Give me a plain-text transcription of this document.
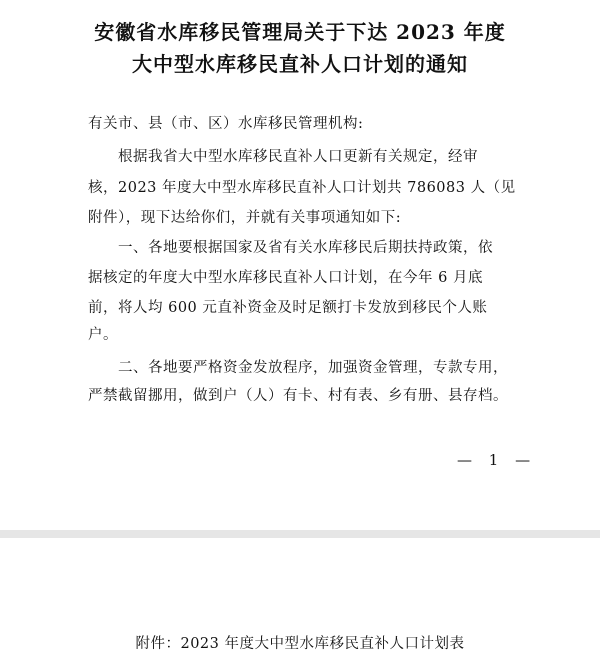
安徽省水库移民管理局关于下达 2023 年度
大中型水库移民直补人口计划的通知
有关市、县（市、区）水库移民管理机构:
根据我省大中型水库移民直补人口更新有关规定，经审
核，2023 年度大中型水库移民直补人口计划共 786083 人（见
附件），现下达给你们，并就有关事项通知如下:
一、各地要根据国家及省有关水库移民后期扶持政策，依
据核定的年度大中型水库移民直补人口计划，在今年 6 月底
前，将人均 600 元直补资金及时足额打卡发放到移民个人账
户。
二、各地要严格资金发放程序，加强资金管理，专款专用，
严禁截留挪用，做到户（人）有卡、村有表、乡有册、县存档。
— 1 —
附件：2023 年度大中型水库移民直补人口计划表
